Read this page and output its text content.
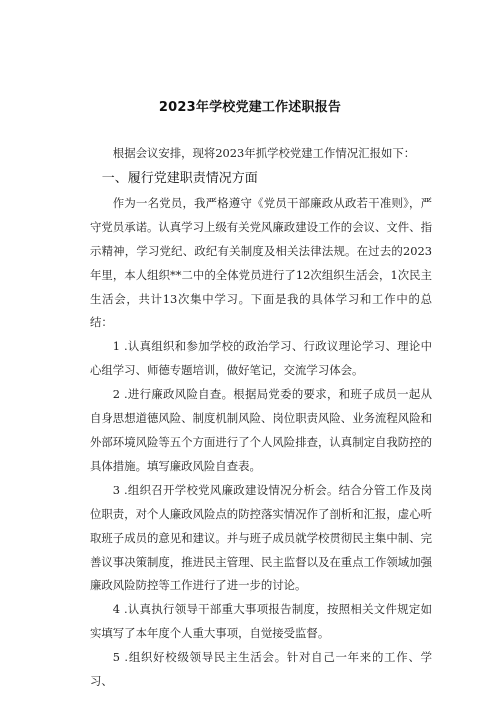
2023年学校党建工作述职报告

根据会议安排，现将2023年抓学校党建工作情况汇报如下：

一、履行党建职责情况方面

作为一名党员，我严格遵守《党员干部廉政从政若干准则》，严守党员承诺。认真学习上级有关党风廉政建设工作的会议、文件、指示精神，学习党纪、政纪有关制度及相关法律法规。在过去的2023年里，本人组织**二中的全体党员进行了12次组织生活会，1次民主生活会，共计13次集中学习。下面是我的具体学习和工作中的总结：

1 .认真组织和参加学校的政治学习、行政议理论学习、理论中心组学习、师德专题培训，做好笔记，交流学习体会。

2 .进行廉政风险自查。根据局党委的要求，和班子成员一起从自身思想道德风险、制度机制风险、岗位职责风险、业务流程风险和外部环境风险等五个方面进行了个人风险排查，认真制定自我防控的具体措施。填写廉政风险自查表。

3 .组织召开学校党风廉政建设情况分析会。结合分管工作及岗位职责，对个人廉政风险点的防控落实情况作了剖析和汇报，虚心听取班子成员的意见和建议。并与班子成员就学校贯彻民主集中制、完善议事决策制度，推进民主管理、民主监督以及在重点工作领域加强廉政风险防控等工作进行了进一步的讨论。

4 .认真执行领导干部重大事项报告制度，按照相关文件规定如实填写了本年度个人重大事项，自觉接受监督。

5 .组织好校级领导民主生活会。针对自己一年来的工作、学习、
